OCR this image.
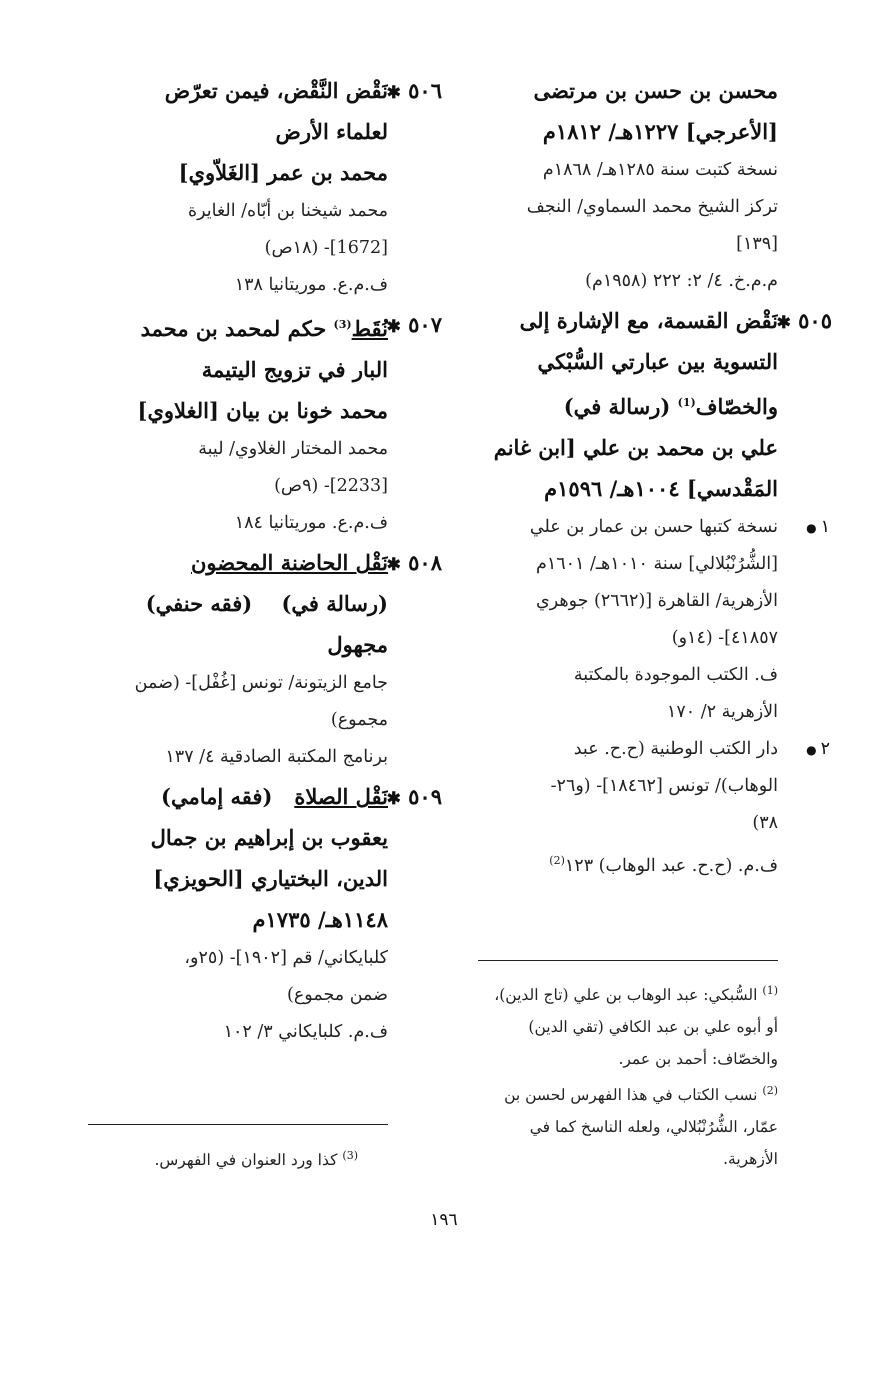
محسن بن حسن بن مرتضى
[الأعرجي] ١٢٢٧هـ/ ١٨١٢م
نسخة كتبت سنة ١٢٨٥هـ/ ١٨٦٨م
تركز الشيخ محمد السماوي/ النجف
[١٣٩]
م.م.خ. ٤/ ٢: ٢٢٢ (١٩٥٨م)
٥٠٥ ✱
نَقْض القسمة، مع الإشارة إلى
التسوية بين عبارتي السُّبْكي
والخصّاف$^{(1)}$ (رسالة في)
علي بن محمد بن علي [ابن غانم
المَقْدسي] ١٠٠٤هـ/ ١٥٩٦م
١●
نسخة كتبها حسن بن عمار بن علي
[الشُّرُنْبُلالي] سنة ١٠١٠هـ/ ١٦٠١م
الأزهرية/ القاهرة [(٢٦٦٢) جوهري
٤١٨٥٧]- (١٤و)
ف. الكتب الموجودة بالمكتبة
الأزهرية ٢/ ١٧٠
٢●
دار الكتب الوطنية (ح.ح. عبد
الوهاب)/ تونس [١٨٤٦٢]- (و٢٦-
٣٨)
ف.م. (ح.ح. عبد الوهاب) ١٢٣$^{(2)}$
$^{(1)}$ السُّبكي: عبد الوهاب بن علي (تاج الدين)،
أو أبوه علي بن عبد الكافي (تقي الدين)
والخصّاف: أحمد بن عمر.
$^{(2)}$ نسب الكتاب في هذا الفهرس لحسن بن
عمّار، الشُّرُنْبُلالي، ولعله الناسخ كما في
الأزهرية.
٥٠٦ ✱
نَقْض النَّقْض، فيمن تعرّض
لعلماء الأرض
محمد بن عمر [الغَلاّوي]
محمد شيخنا بن أبّاه/ الغايرة
[1672]- (١٨ص)
ف.م.ع. موريتانيا ١٣٨
٥٠٧ ✱
نُقَط$^{(3)}$ حكم لمحمد بن محمد
البار في تزويج اليتيمة
محمد خونا بن بيان [الغلاوي]
محمد المختار الغلاوي/ ليبة
[2233]- (٩ص)
ف.م.ع. موريتانيا ١٨٤
٥٠٨ ✱
نَقْل الحاضنة المحضون
(رسالة في)    (فقه حنفي)
مجهول
جامع الزيتونة/ تونس [غُفْل]- (ضمن
مجموع)
برنامج المكتبة الصادقية ٤/ ١٣٧
٥٠٩ ✱
نَقْل الصلاة   (فقه إمامي)
يعقوب بن إبراهيم بن جمال
الدين، البختياري [الحويزي]
١١٤٨هـ/ ١٧٣٥م
كلبايكاني/ قم [١٩٠٢]- (٢٥و،
ضمن مجموع)
ف.م. كلبايكاني ٣/ ١٠٢
$^{(3)}$ كذا ورد العنوان في الفهرس.
١٩٦
